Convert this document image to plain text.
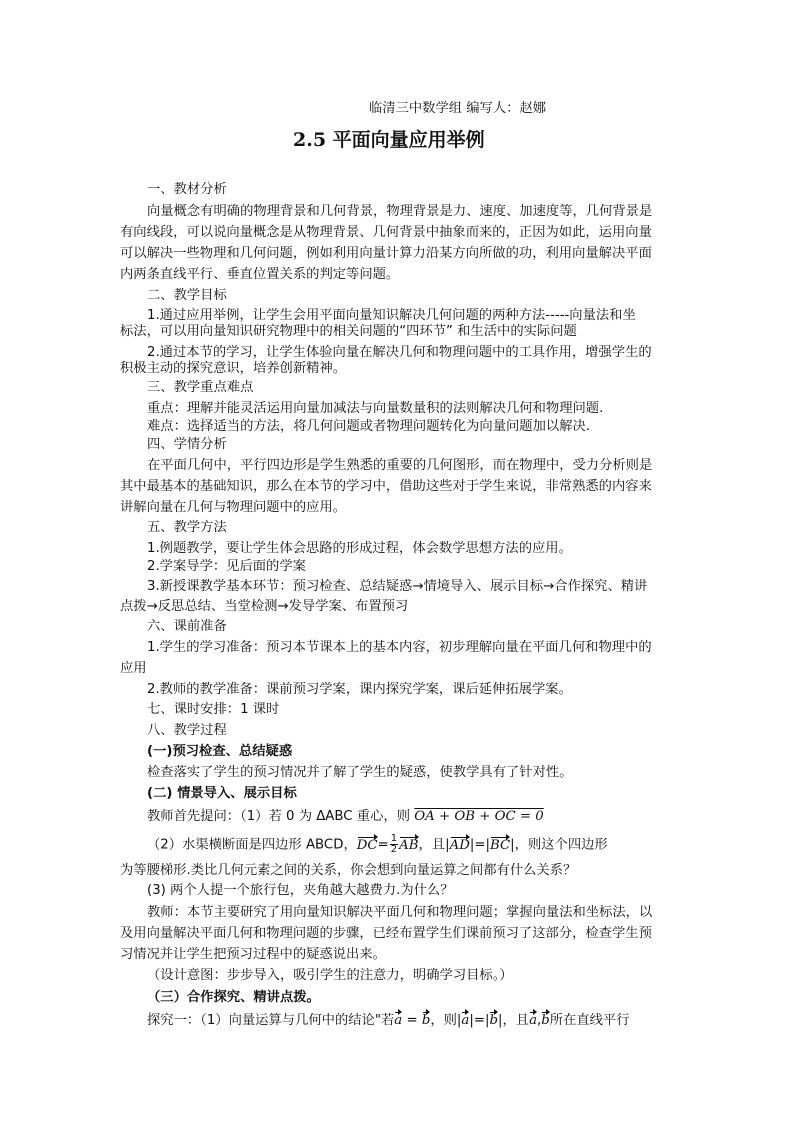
临清三中数学组 编写人：赵娜
2.5 平面向量应用举例
一、教材分析
向量概念有明确的物理背景和几何背景，物理背景是力、速度、加速度等，几何背景是
有向线段，可以说向量概念是从物理背景、几何背景中抽象而来的，正因为如此，运用向量
可以解决一些物理和几何问题，例如利用向量计算力沿某方向所做的功，利用向量解决平面
内两条直线平行、垂直位置关系的判定等问题。
二、教学目标
1.通过应用举例，让学生会用平面向量知识解决几何问题的两种方法-----向量法和坐
标法，可以用向量知识研究物理中的相关问题的“四环节” 和生活中的实际问题
2.通过本节的学习，让学生体验向量在解决几何和物理问题中的工具作用，增强学生的
积极主动的探究意识，培养创新精神。
三、教学重点难点
重点：理解并能灵活运用向量加减法与向量数量积的法则解决几何和物理问题.
难点：选择适当的方法，将几何问题或者物理问题转化为向量问题加以解决.
四、学情分析
在平面几何中，平行四边形是学生熟悉的重要的几何图形，而在物理中，受力分析则是
其中最基本的基础知识，那么在本节的学习中，借助这些对于学生来说，非常熟悉的内容来
讲解向量在几何与物理问题中的应用。
五、教学方法
1.例题教学，要让学生体会思路的形成过程，体会数学思想方法的应用。
2.学案导学：见后面的学案
3.新授课教学基本环节：预习检查、总结疑惑→情境导入、展示目标→合作探究、精讲
点拨→反思总结、当堂检测→发导学案、布置预习
六、课前准备
1.学生的学习准备：预习本节课本上的基本内容，初步理解向量在平面几何和物理中的
应用
2.教师的教学准备：课前预习学案，课内探究学案，课后延伸拓展学案。
七、课时安排：1 课时
八、教学过程
(一)预习检查、总结疑惑
检查落实了学生的预习情况并了解了学生的疑惑，使教学具有了针对性。
(二) 情景导入、展示目标
教师首先提问：（1）若 0 为 ΔABC 重心，则 OA + OB + OC = 0
（2）水渠横断面是四边形 ABCD，$DC= \frac{1}{2}$ AB，且|AD|=|BC|，则这个四边形
为等腰梯形.类比几何元素之间的关系，你会想到向量运算之间都有什么关系？
(3) 两个人提一个旅行包，夹角越大越费力.为什么？
教师：本节主要研究了用向量知识解决平面几何和物理问题；掌握向量法和坐标法，以
及用向量解决平面几何和物理问题的步骤，已经布置学生们课前预习了这部分，检查学生预
习情况并让学生把预习过程中的疑惑说出来。
（设计意图：步步导入，吸引学生的注意力，明确学习目标。）
（三）合作探究、精讲点拨。
探究一：（1）向量运算与几何中的结论"若a = b，则|a|=|b|，且a,b所在直线平行
